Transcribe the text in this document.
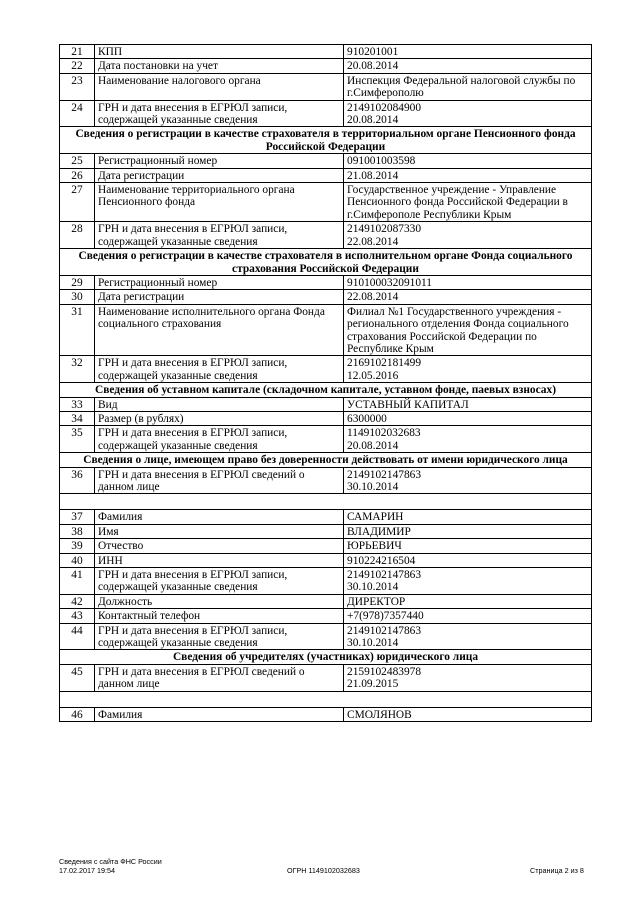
21	КПП	910201001
22	Дата постановки на учет	20.08.2014
23	Наименование налогового органа	Инспекция Федеральной налоговой службы по г.Симферополю
24	ГРН и дата внесения в ЕГРЮЛ записи, содержащей указанные сведения	2149102084900
20.08.2014
Сведения о регистрации в качестве страхователя в территориальном органе Пенсионного фонда Российской Федерации		
25	Регистрационный номер	091001003598
26	Дата регистрации	21.08.2014
27	Наименование территориального органа Пенсионного фонда	Государственное учреждение - Управление Пенсионного фонда Российской Федерации в г.Симферополе Республики Крым
28	ГРН и дата внесения в ЕГРЮЛ записи, содержащей указанные сведения	2149102087330
22.08.2014
Сведения о регистрации в качестве страхователя в исполнительном органе Фонда социального страхования Российской Федерации		
29	Регистрационный номер	910100032091011
30	Дата регистрации	22.08.2014
31	Наименование исполнительного органа Фонда социального страхования	Филиал №1 Государственного учреждения - регионального отделения Фонда социального страхования Российской Федерации по Республике Крым
32	ГРН и дата внесения в ЕГРЮЛ записи, содержащей указанные сведения	2169102181499
12.05.2016
Сведения об уставном капитале (складочном капитале, уставном фонде, паевых взносах)		
33	Вид	УСТАВНЫЙ КАПИТАЛ
34	Размер (в рублях)	6300000
35	ГРН и дата внесения в ЕГРЮЛ записи, содержащей указанные сведения	1149102032683
20.08.2014
Сведения о лице, имеющем право без доверенности действовать от имени юридического лица		
36	ГРН и дата внесения в ЕГРЮЛ сведений о данном лице	2149102147863
30.10.2014

37	Фамилия	САМАРИН
38	Имя	ВЛАДИМИР
39	Отчество	ЮРЬЕВИЧ
40	ИНН	910224216504
41	ГРН и дата внесения в ЕГРЮЛ записи, содержащей указанные сведения	2149102147863
30.10.2014
42	Должность	ДИРЕКТОР
43	Контактный телефон	+7(978)7357440
44	ГРН и дата внесения в ЕГРЮЛ записи, содержащей указанные сведения	2149102147863
30.10.2014
Сведения об учредителях (участниках) юридического лица		
45	ГРН и дата внесения в ЕГРЮЛ сведений о данном лице	2159102483978
21.09.2015

46	Фамилия	СМОЛЯНОВ
Сведения с сайта ФНС России
17.02.2017 19:54	ОГРН 1149102032683	Страница 2 из 8
